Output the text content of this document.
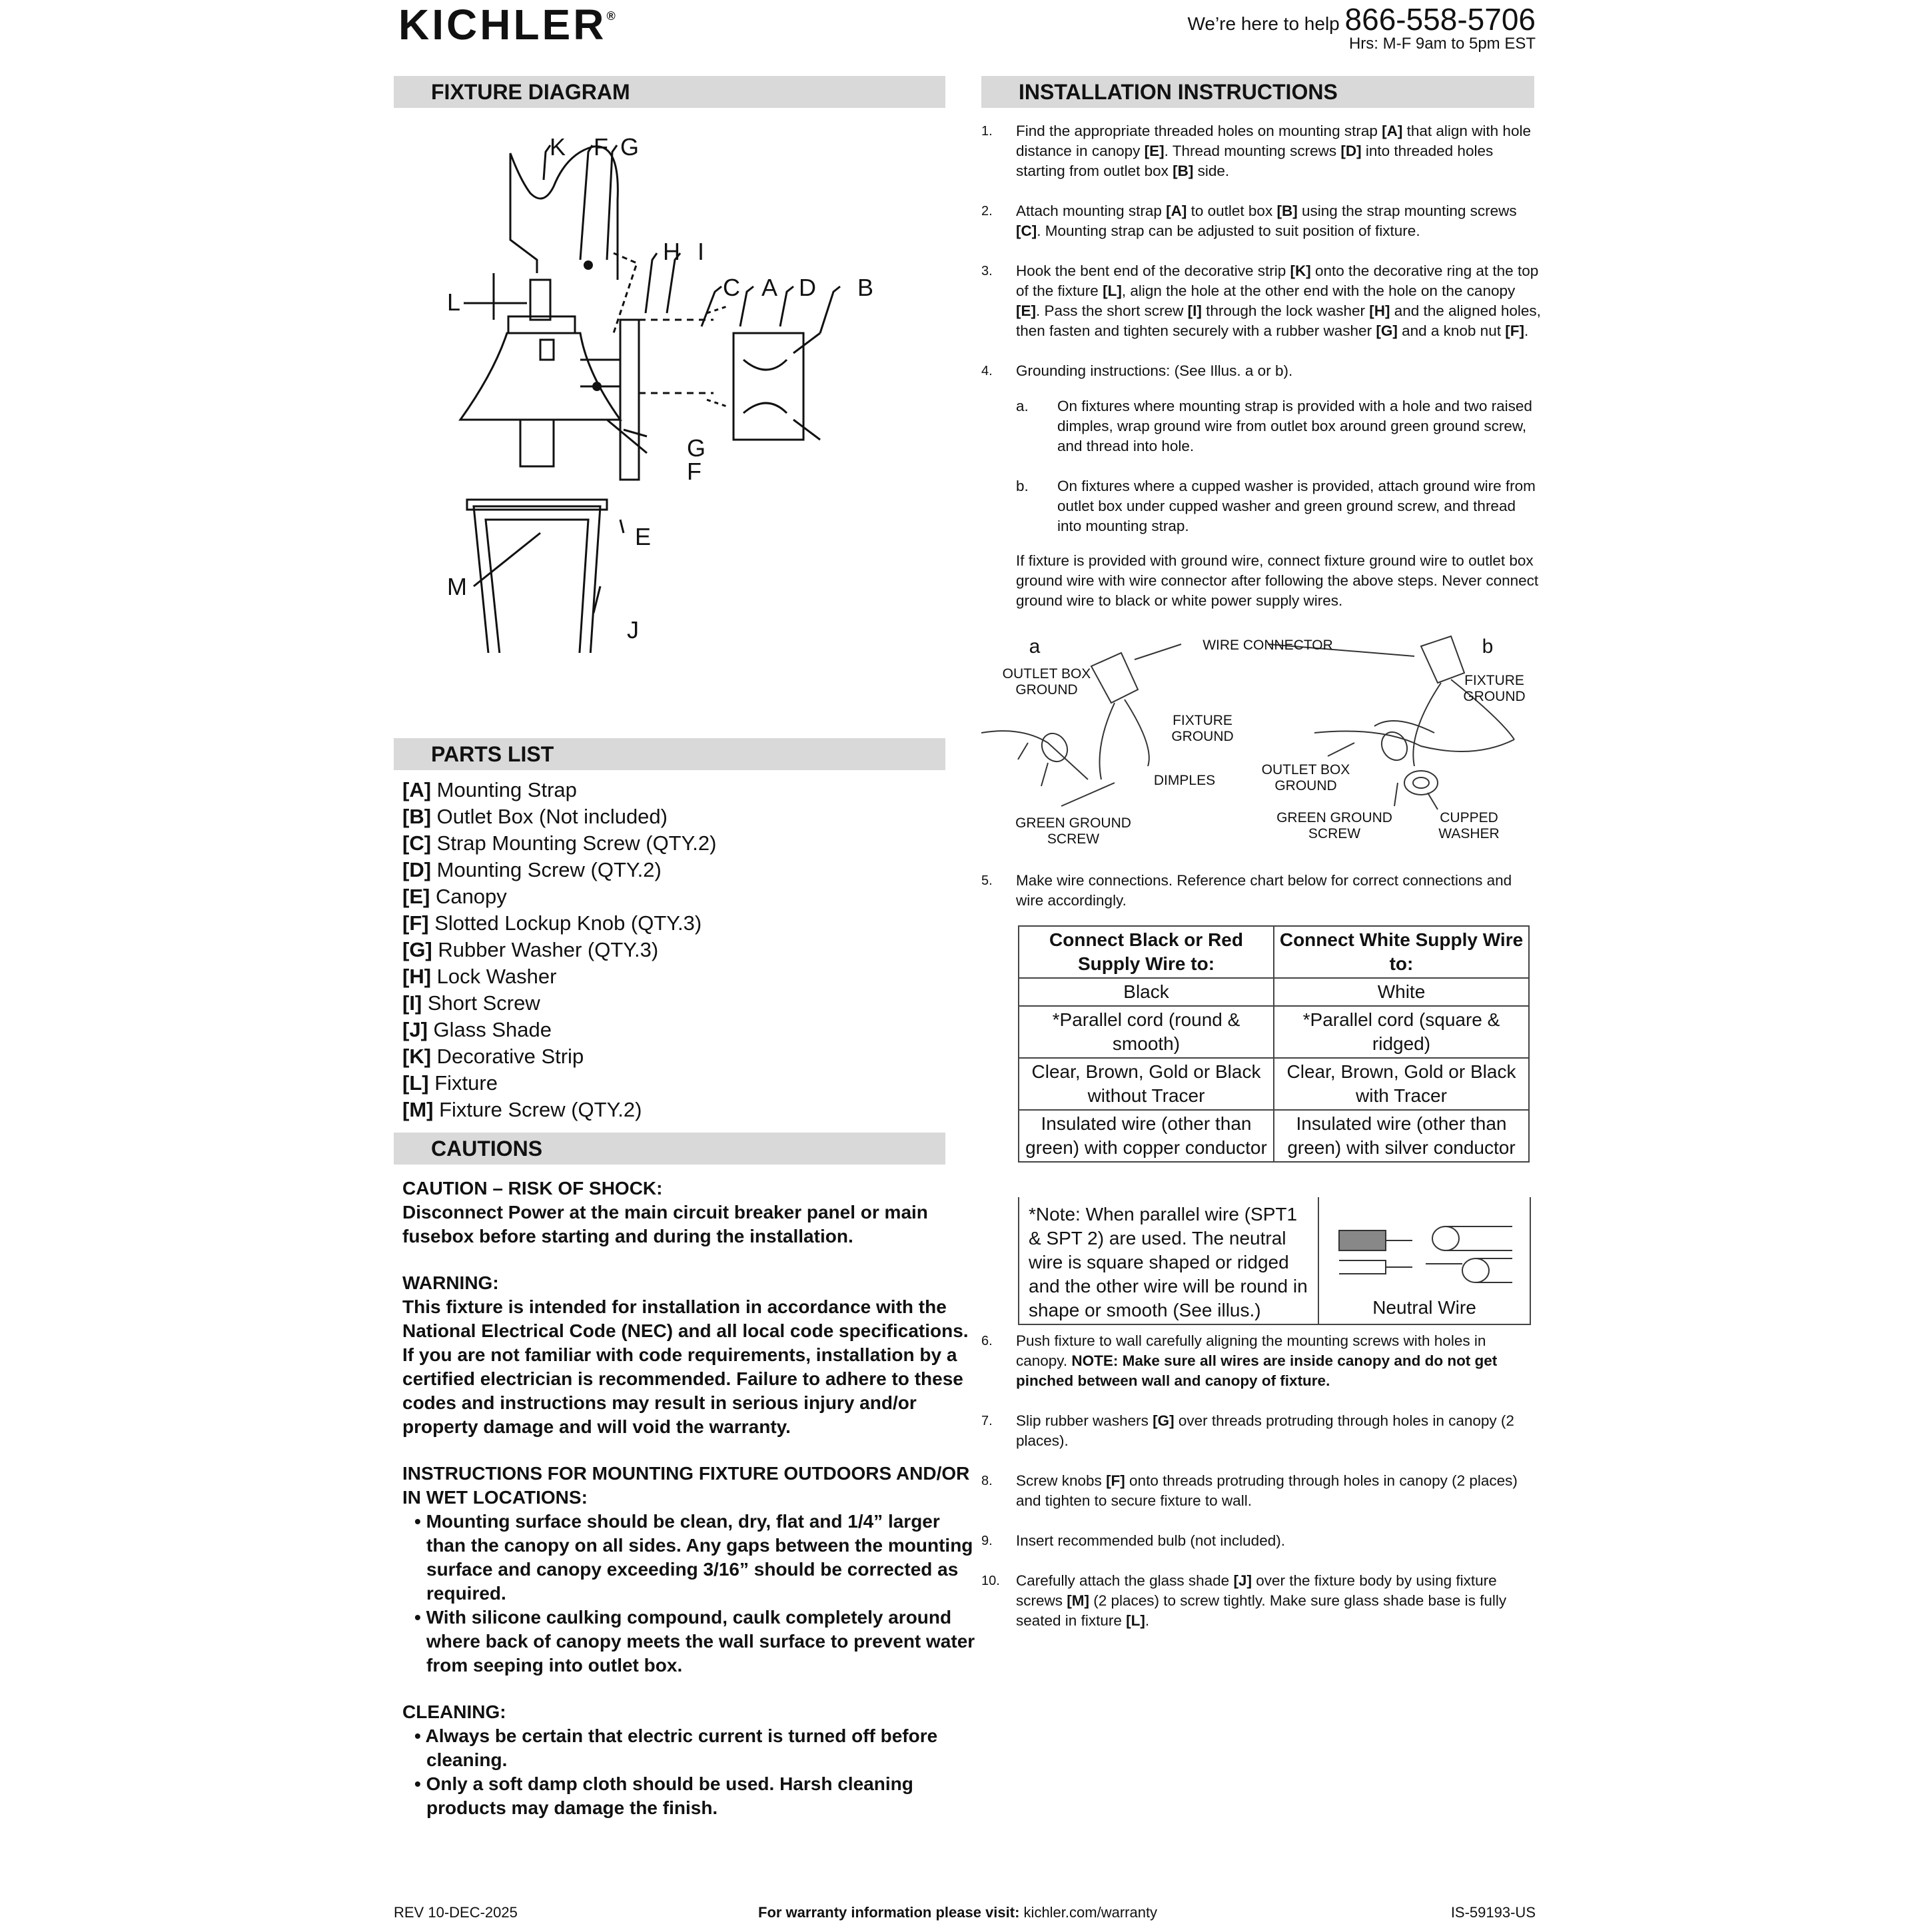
KICHLER®	We’re here to help 866-558-5706
Hrs: M-F 9am to 5pm EST
FIXTURE DIAGRAM	INSTALLATION INSTRUCTIONS
PARTS LIST
CAUTIONS
K F G
H I
C A D B
L
G
F
E
M
J
[A] Mounting Strap
[B] Outlet Box (Not included)
[C] Strap Mounting Screw (QTY.2)
[D] Mounting Screw (QTY.2)
[E] Canopy
[F] Slotted Lockup Knob (QTY.3)
[G] Rubber Washer (QTY.3)
[H] Lock Washer
[I] Short Screw
[J] Glass Shade
[K] Decorative Strip
[L] Fixture
[M] Fixture Screw (QTY.2)

CAUTION – RISK OF SHOCK:
Disconnect Power at the main circuit breaker panel or main fusebox before starting and during the installation.

WARNING:
This fixture is intended for installation in accordance with the National Electrical Code (NEC) and all local code specifications. If you are not familiar with code requirements, installation by a certified electrician is recommended. Failure to adhere to these codes and instructions may result in serious injury and/or property damage and will void the warranty.

INSTRUCTIONS FOR MOUNTING FIXTURE OUTDOORS AND/OR IN WET LOCATIONS:

• Mounting surface should be clean, dry, flat and 1/4” larger than the canopy on all sides. Any gaps between the mounting surface and canopy exceeding 3/16” should be corrected as required.

• With silicone caulking compound, caulk completely around where back of canopy meets the wall surface to prevent water from seeping into outlet box.

CLEANING:

• Always be certain that electric current is turned off before cleaning.

• Only a soft damp cloth should be used. Harsh cleaning products may damage the finish.

1. Find the appropriate threaded holes on mounting strap [A] that align with hole distance in canopy [E]. Thread mounting screws [D] into threaded holes starting from outlet box [B] side.

2. Attach mounting strap [A] to outlet box [B] using the strap mounting screws [C]. Mounting strap can be adjusted to suit position of fixture.

3. Hook the bent end of the decorative strip [K] onto the decorative ring at the top of the fixture [L], align the hole at the other end with the hole on the canopy [E]. Pass the short screw [I] through the lock washer [H] and the aligned holes, then fasten and tighten securely with a rubber washer [G] and a knob nut [F].

4. Grounding instructions: (See Illus. a or b).

a. On fixtures where mounting strap is provided with a hole and two raised dimples, wrap ground wire from outlet box around green ground screw, and thread into hole.

b. On fixtures where a cupped washer is provided, attach ground wire from outlet box under cupped washer and green ground screw, and thread into mounting strap.

If fixture is provided with ground wire, connect fixture ground wire to outlet box ground wire with wire connector after following the above steps. Never connect ground wire to black or white power supply wires.

a	b
WIRE CONNECTOR
OUTLET BOX
GROUND
FIXTURE
GROUND
DIMPLES
GREEN GROUND
SCREW
FIXTURE
GROUND
OUTLET BOX
GROUND
GREEN GROUND
SCREW
CUPPED
WASHER

5. Make wire connections. Reference chart below for correct connections and wire accordingly.

Connect Black or Red Supply Wire to:	Connect White Supply Wire to:
Black	White
*Parallel cord (round & smooth)	*Parallel cord (square & ridged)
Clear, Brown, Gold or Black without Tracer	Clear, Brown, Gold or Black with Tracer
Insulated wire (other than green) with copper conductor	Insulated wire (other than green) with silver conductor
*Note: When parallel wire (SPT1 & SPT 2) are used. The neutral wire is square shaped or ridged and the other wire will be round in shape or smooth (See illus.)	Neutral Wire

6. Push fixture to wall carefully aligning the mounting screws with holes in canopy. NOTE: Make sure all wires are inside canopy and do not get pinched between wall and canopy of fixture.

7. Slip rubber washers [G] over threads protruding through holes in canopy (2 places).

8. Screw knobs [F] onto threads protruding through holes in canopy (2 places) and tighten to secure fixture to wall.

9. Insert recommended bulb (not included).

10. Carefully attach the glass shade [J] over the fixture body by using fixture screws [M] (2 places) to screw tightly. Make sure glass shade base is fully seated in fixture [L].

REV 10-DEC-2025	For warranty information please visit: kichler.com/warranty	IS-59193-US
